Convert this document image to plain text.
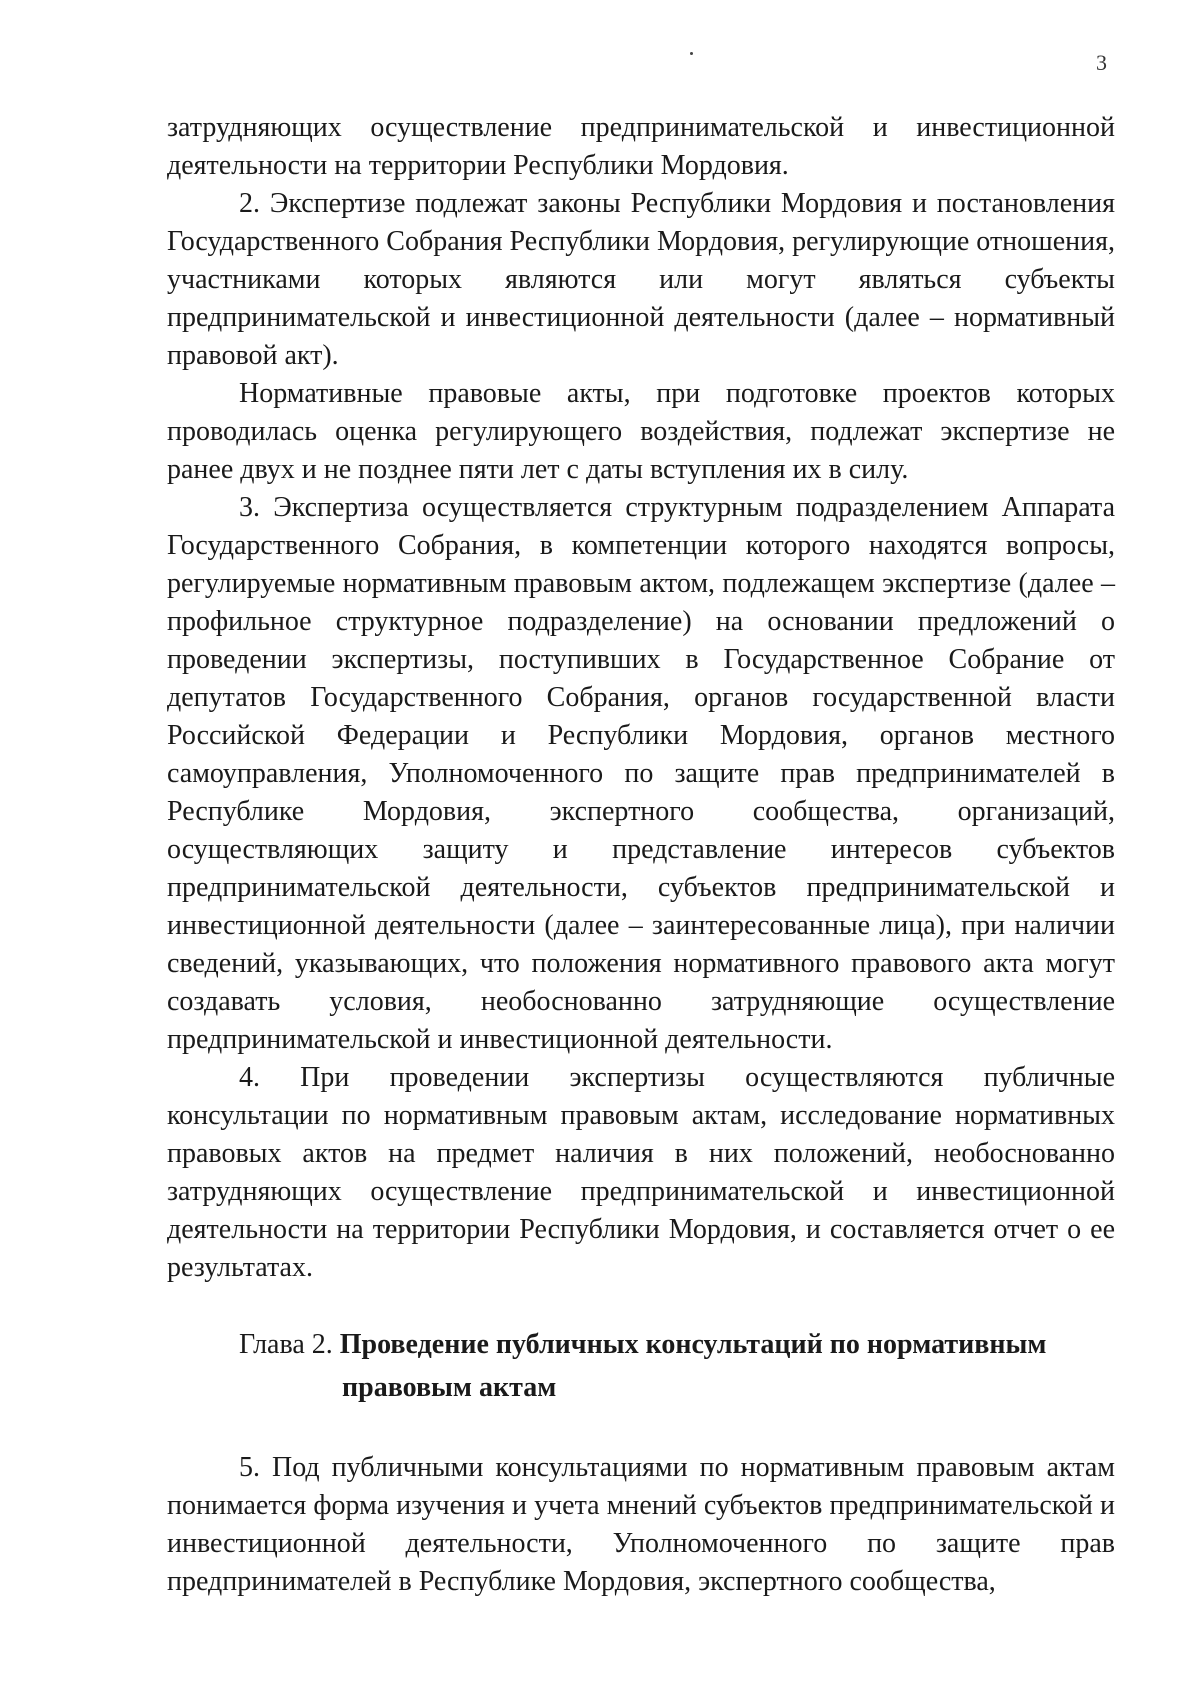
3

затрудняющих осуществление предпринимательской и инвестиционной деятельности на территории Республики Мордовия.

2. Экспертизе подлежат законы Республики Мордовия и постановления Государственного Собрания Республики Мордовия, регулирующие отношения, участниками которых являются или могут являться субъекты предпринимательской и инвестиционной деятельности (далее – нормативный правовой акт).

Нормативные правовые акты, при подготовке проектов которых проводилась оценка регулирующего воздействия, подлежат экспертизе не ранее двух и не позднее пяти лет с даты вступления их в силу.

3. Экспертиза осуществляется структурным подразделением Аппарата Государственного Собрания, в компетенции которого находятся вопросы, регулируемые нормативным правовым актом, подлежащем экспертизе (далее – профильное структурное подразделение) на основании предложений о проведении экспертизы, поступивших в Государственное Собрание от депутатов Государственного Собрания, органов государственной власти Российской Федерации и Республики Мордовия, органов местного самоуправления, Уполномоченного по защите прав предпринимателей в Республике Мордовия, экспертного сообщества, организаций, осуществляющих защиту и представление интересов субъектов предпринимательской деятельности, субъектов предпринимательской и инвестиционной деятельности (далее – заинтересованные лица), при наличии сведений, указывающих, что положения нормативного правового акта могут создавать условия, необоснованно затрудняющие осуществление предпринимательской и инвестиционной деятельности.

4. При проведении экспертизы осуществляются публичные консультации по нормативным правовым актам, исследование нормативных правовых актов на предмет наличия в них положений, необоснованно затрудняющих осуществление предпринимательской и инвестиционной деятельности на территории Республики Мордовия, и составляется отчет о ее результатах.

Глава 2. Проведение публичных консультаций по нормативным
правовым актам

5. Под публичными консультациями по нормативным правовым актам понимается форма изучения и учета мнений субъектов предпринимательской и инвестиционной деятельности, Уполномоченного по защите прав предпринимателей в Республике Мордовия, экспертного сообщества,
